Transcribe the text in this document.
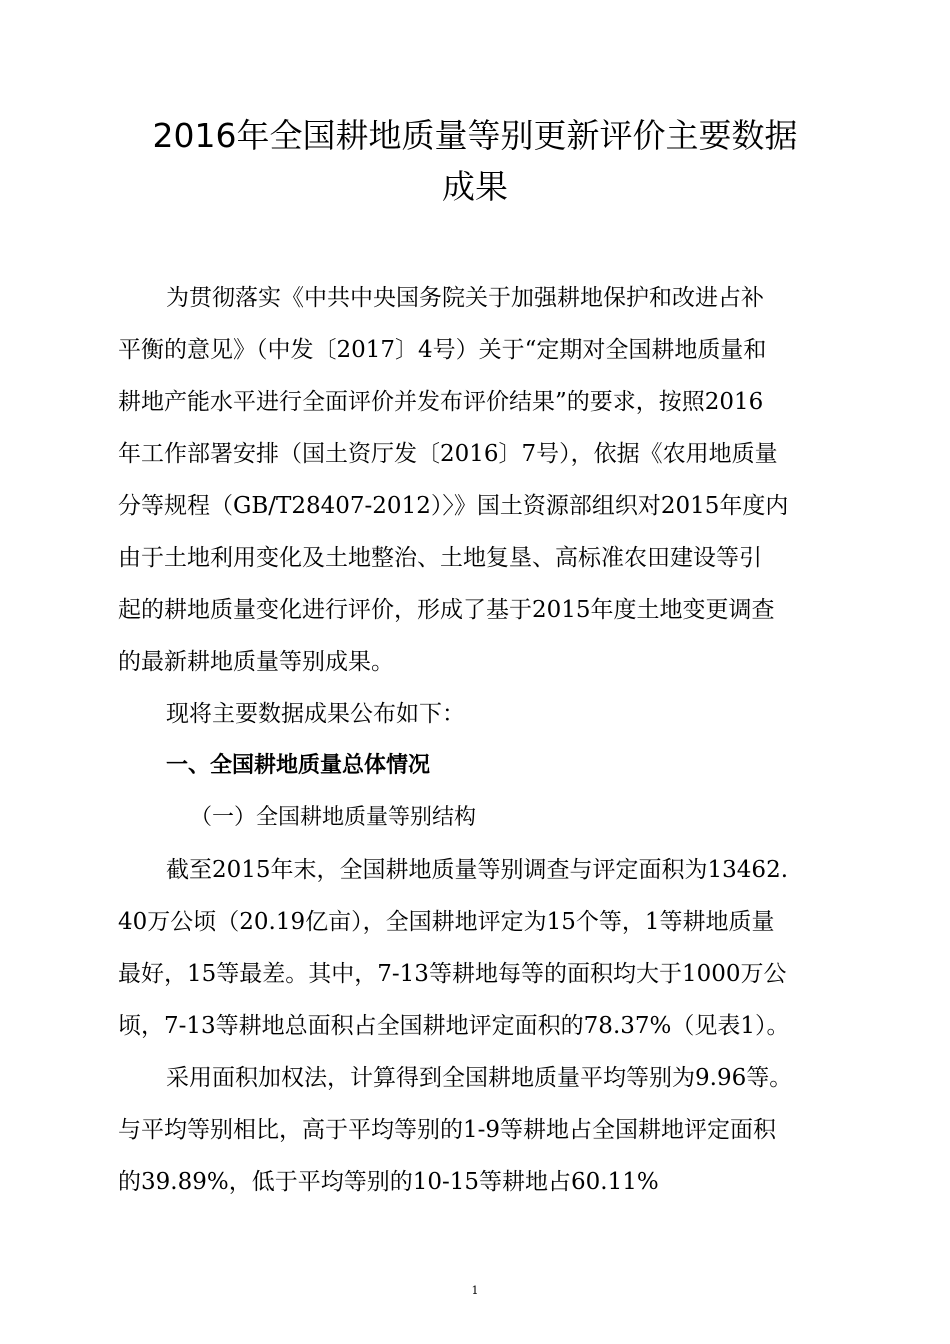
2016年全国耕地质量等别更新评价主要数据
成果
为贯彻落实《中共中央国务院关于加强耕地保护和改进占补
平衡的意见》（中发〔2017〕4号）关于“定期对全国耕地质量和
耕地产能水平进行全面评价并发布评价结果”的要求，按照2016
年工作部署安排（国土资厅发〔2016〕7号），依据《农用地质量
分等规程（GB/T28407-2012）〉》国土资源部组织对2015年度内
由于土地利用变化及土地整治、土地复垦、高标准农田建设等引
起的耕地质量变化进行评价，形成了基于2015年度土地变更调查
的最新耕地质量等别成果。
现将主要数据成果公布如下：
一、全国耕地质量总体情况
（一）全国耕地质量等别结构
截至2015年末，全国耕地质量等别调查与评定面积为13462.
40万公顷（20.19亿亩），全国耕地评定为15个等，1等耕地质量
最好，15等最差。其中，7-13等耕地每等的面积均大于1000万公
顷，7-13等耕地总面积占全国耕地评定面积的78.37%（见表1）。
采用面积加权法，计算得到全国耕地质量平均等别为9.96等。
与平均等别相比，高于平均等别的1-9等耕地占全国耕地评定面积
的39.89%，低于平均等别的10-15等耕地占60.11%
1
